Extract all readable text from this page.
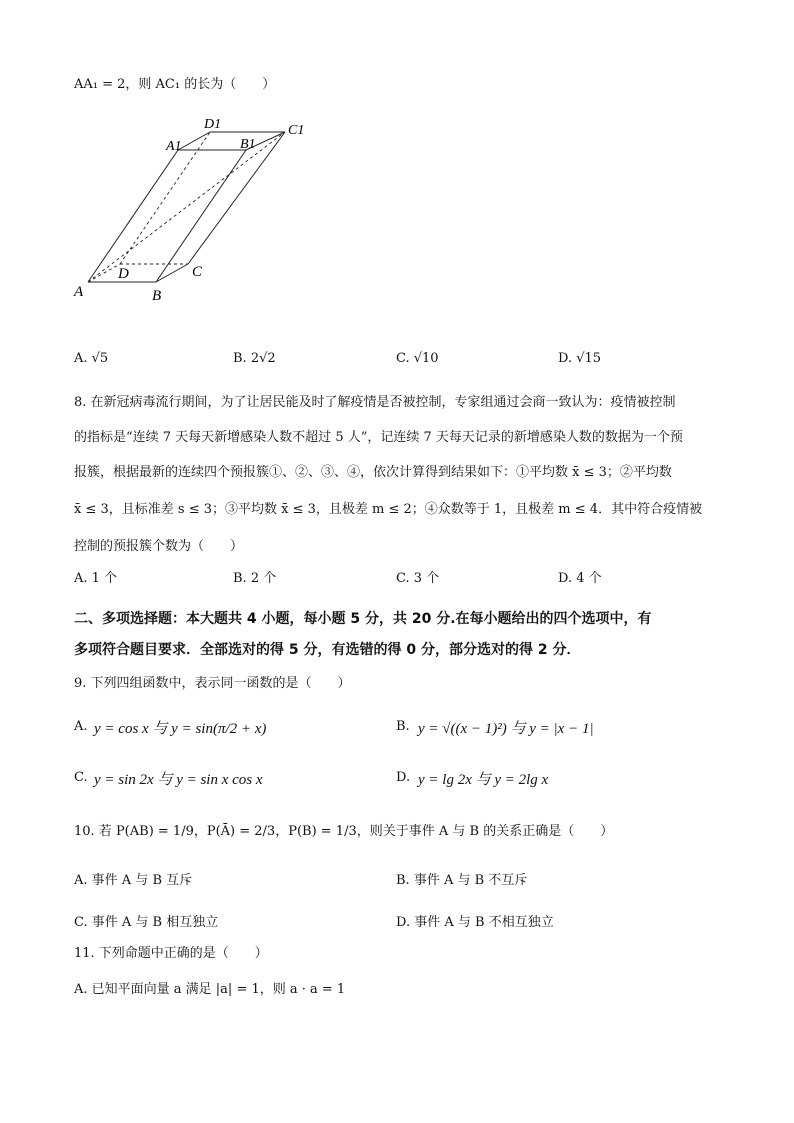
AA₁ = 2，则 AC₁ 的长为（　　）
A	B
C
D
A1	B1
C1
D1
A. √5	B. 2√2	C. √10	D. √15
8. 在新冠病毒流行期间，为了让居民能及时了解疫情是否被控制，专家组通过会商一致认为：疫情被控制
的指标是“连续 7 天每天新增感染人数不超过 5 人”，记连续 7 天每天记录的新增感染人数的数据为一个预
报簇，根据最新的连续四个预报簇①、②、③、④，依次计算得到结果如下：①平均数 x̄ ≤ 3；②平均数
x̄ ≤ 3，且标准差 s ≤ 3；③平均数 x̄ ≤ 3，且极差 m ≤ 2；④众数等于 1，且极差 m ≤ 4．其中符合疫情被
控制的预报簇个数为（　　）
A. 1 个	B. 2 个	C. 3 个	D. 4 个
二、多项选择题：本大题共 4 小题，每小题 5 分，共 20 分.在每小题给出的四个选项中，有
多项符合题目要求．全部选对的得 5 分，有选错的得 0 分，部分选对的得 2 分．
9. 下列四组函数中，表示同一函数的是（　　）
A. y = cos x 与 y = sin(π/2 + x)	B. y = √((x − 1)²) 与 y = |x − 1|
C. y = sin 2x 与 y = sin x cos x	D. y = lg 2x 与 y = 2lg x
10. 若 P(AB) = 1/9，P(Ā) = 2/3，P(B) = 1/3，则关于事件 A 与 B 的关系正确是（　　）
A. 事件 A 与 B 互斥	B. 事件 A 与 B 不互斥
C. 事件 A 与 B 相互独立	D. 事件 A 与 B 不相互独立
11. 下列命题中正确的是（　　）
A. 已知平面向量 a 满足 |a| = 1，则 a · a = 1
